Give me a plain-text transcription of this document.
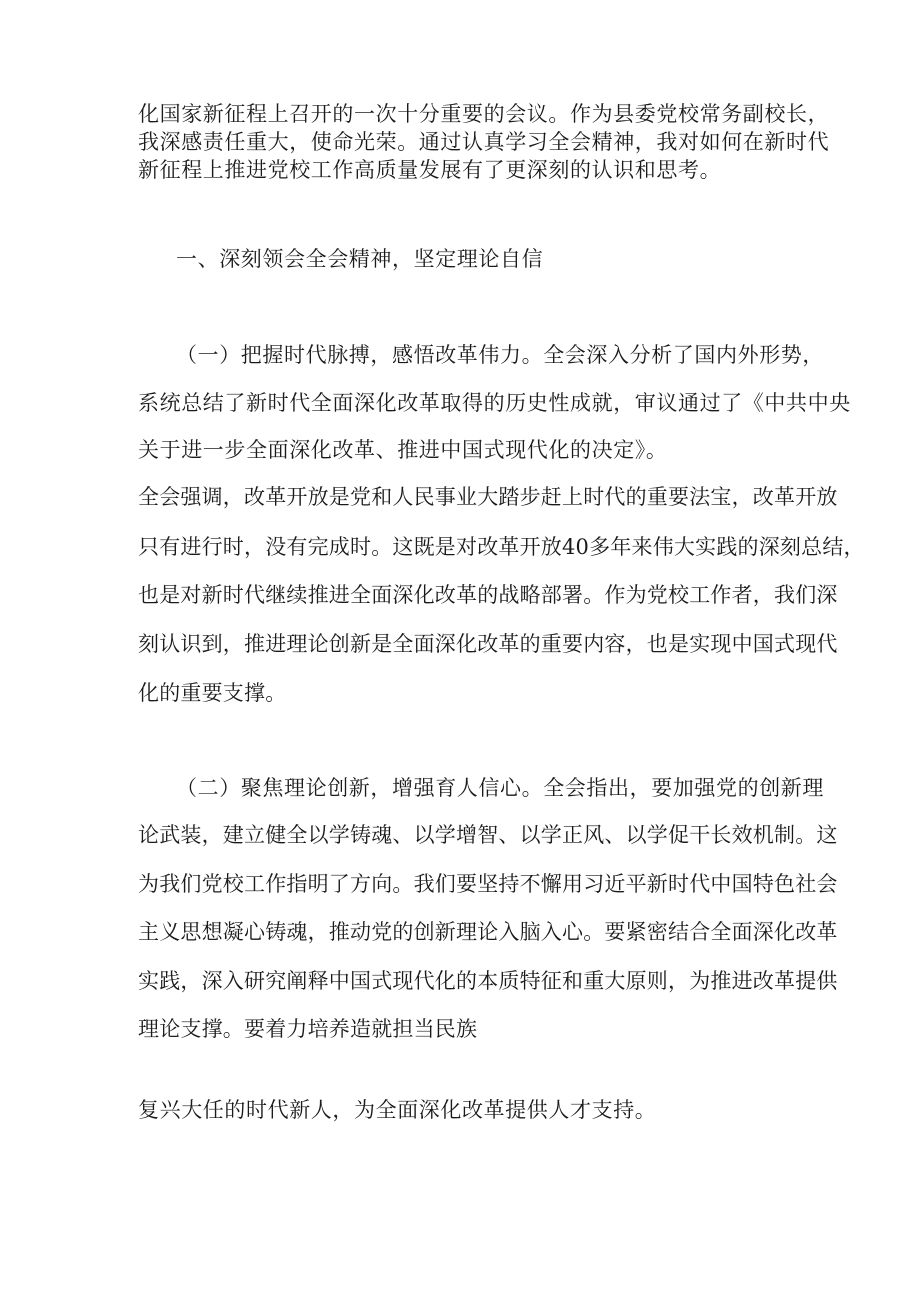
化国家新征程上召开的一次十分重要的会议。作为县委党校常务副校长，

我深感责任重大，使命光荣。通过认真学习全会精神，我对如何在新时代

新征程上推进党校工作高质量发展有了更深刻的认识和思考。

一、深刻领会全会精神，坚定理论自信

（一）把握时代脉搏，感悟改革伟力。全会深入分析了国内外形势，

系统总结了新时代全面深化改革取得的历史性成就，审议通过了《中共中央

关于进一步全面深化改革、推进中国式现代化的决定》。

全会强调，改革开放是党和人民事业大踏步赶上时代的重要法宝，改革开放

只有进行时，没有完成时。这既是对改革开放40多年来伟大实践的深刻总结，

也是对新时代继续推进全面深化改革的战略部署。作为党校工作者，我们深

刻认识到，推进理论创新是全面深化改革的重要内容，也是实现中国式现代

化的重要支撑。

（二）聚焦理论创新，增强育人信心。全会指出，要加强党的创新理

论武装，建立健全以学铸魂、以学增智、以学正风、以学促干长效机制。这

为我们党校工作指明了方向。我们要坚持不懈用习近平新时代中国特色社会

主义思想凝心铸魂，推动党的创新理论入脑入心。要紧密结合全面深化改革

实践，深入研究阐释中国式现代化的本质特征和重大原则，为推进改革提供

理论支撑。要着力培养造就担当民族

复兴大任的时代新人，为全面深化改革提供人才支持。
